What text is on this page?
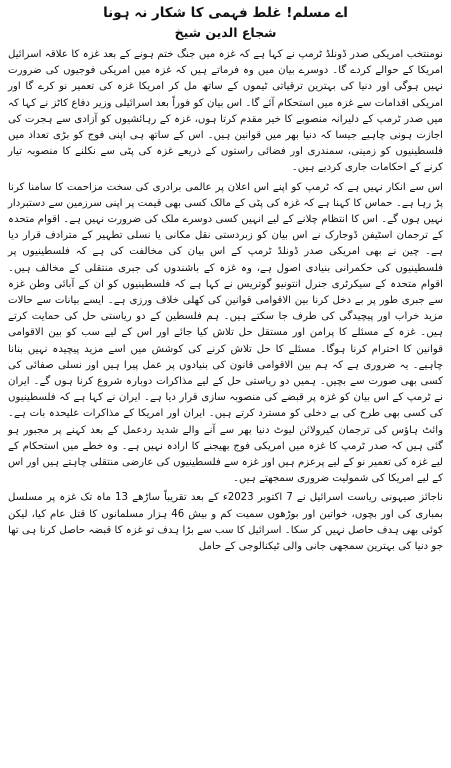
اے مسلم! غلط فہمی کا شکار نہ ہونا
شجاع الدین شیخ

نومنتخب امریکی صدر ڈونلڈ ٹرمپ نے کہا ہے کہ غزہ میں جنگ ختم ہونے کے بعد غزہ کا علاقہ اسرائیل امریکا کے حوالے کردے گا۔ دوسرے بیان میں وہ فرماتے ہیں کہ غزہ میں امریکی فوجیوں کی ضرورت نہیں ہوگی اور دنیا کی بہترین ترقیاتی ٹیموں کے ساتھ مل کر امریکا غزہ کی تعمیر نو کرے گا اور امریکی اقدامات سے غزہ میں استحکام آئے گا۔ اس بیان کو فوراً بعد اسرائیلی وزیر دفاع کاٹز نے کہا کہ میں صدر ٹرمپ کے دلیرانہ منصوبے کا خیر مقدم کرتا ہوں، غزہ کے رہائشیوں کو آزادی سے ہجرت کی اجازت ہونی چاہیے جیسا کہ دنیا بھر میں قوانین ہیں۔ اس کے ساتھ ہی اپنی فوج کو بڑی تعداد میں فلسطینیوں کو زمینی، سمندری اور فضائی راستوں کے ذریعے غزہ کی پٹی سے نکلنے کا منصوبہ تیار کرنے کے احکامات جاری کردیے ہیں۔

اس سے انکار نہیں ہے کہ ٹرمپ کو اپنے اس اعلان پر عالمی برادری کی سخت مزاحمت کا سامنا کرنا پڑ رہا ہے۔ حماس کا کہنا ہے کہ غزہ کی پٹی کے مالک کسی بھی قیمت پر اپنی سرزمین سے دستبردار نہیں ہوں گے۔ اس کا انتظام چلانے کے لیے انہیں کسی دوسرے ملک کی ضرورت نہیں ہے۔ اقوام متحدہ کے ترجمان اسٹیفن ڈوجارک نے اس بیان کو زبردستی نقل مکانی یا نسلی تطہیر کے مترادف قرار دیا ہے۔ چین نے بھی امریکی صدر ڈونلڈ ٹرمپ کے اس بیان کی مخالفت کی ہے کہ فلسطینیوں پر فلسطینیوں کی حکمرانی بنیادی اصول ہے، وہ غزہ کے باشندوں کی جبری منتقلی کے مخالف ہیں۔ اقوام متحدہ کے سیکرٹری جنرل انتونیو گوتریس نے کہا ہے کہ فلسطینیوں کو ان کے آبائی وطن غزہ سے جبری طور پر بے دخل کرنا بین الاقوامی قوانین کی کھلی خلاف ورزی ہے۔ ایسے بیانات سے حالات مزید خراب اور پیچیدگی کی طرف جا سکتے ہیں۔ ہم فلسطین کے دو ریاستی حل کی حمایت کرتے ہیں۔ غزہ کے مسئلے کا پرامن اور مستقل حل تلاش کیا جائے اور اس کے لیے سب کو بین الاقوامی قوانین کا احترام کرنا ہوگا۔ مسئلے کا حل تلاش کرنے کی کوشش میں اسے مزید پیچیدہ نہیں بنانا چاہیے۔ یہ ضروری ہے کہ ہم بین الاقوامی قانون کی بنیادوں پر عمل پیرا ہیں اور نسلی صفائی کی کسی بھی صورت سے بچیں۔ ہمیں دو ریاستی حل کے لیے مذاکرات دوبارہ شروع کرنا ہوں گے۔ ایران نے ٹرمپ کے اس بیان کو غزہ پر قبضے کی منصوبہ سازی قرار دیا ہے۔ ایران نے کہا ہے کہ فلسطینیوں کی کسی بھی طرح کی بے دخلی کو مسترد کرتے ہیں۔ ایران اور امریکا کے مذاکرات علیحدہ بات ہے۔ وائٹ ہاؤس کی ترجمان کیرولائن لیوٹ دنیا بھر سے آنے والے شدید ردعمل کے بعد کہنے پر مجبور ہو گئی ہیں کہ صدر ٹرمپ کا غزہ میں امریکی فوج بھیجنے کا ارادہ نہیں ہے۔ وہ خطے میں استحکام کے لیے غزہ کی تعمیر نو کے لیے پرعزم ہیں اور غزہ سے فلسطینیوں کی عارضی منتقلی چاہتے ہیں اور اس کے لیے امریکا کی شمولیت ضروری سمجھتے ہیں۔

ناجائز صیہونی ریاست اسرائیل نے 7 اکتوبر 2023ء کے بعد تقریباً ساڑھے 13 ماہ تک غزہ پر مسلسل بمباری کی اور بچوں، خواتین اور بوڑھوں سمیت کم و بیش 46 ہزار مسلمانوں کا قتل عام کیا، لیکن کوئی بھی ہدف حاصل نہیں کر سکا۔ اسرائیل کا سب سے بڑا ہدف تو غزہ کا قبضہ حاصل کرنا ہی تھا جو دنیا کی بہترین سمجھی جانی والی ٹیکنالوجی کے حامل
